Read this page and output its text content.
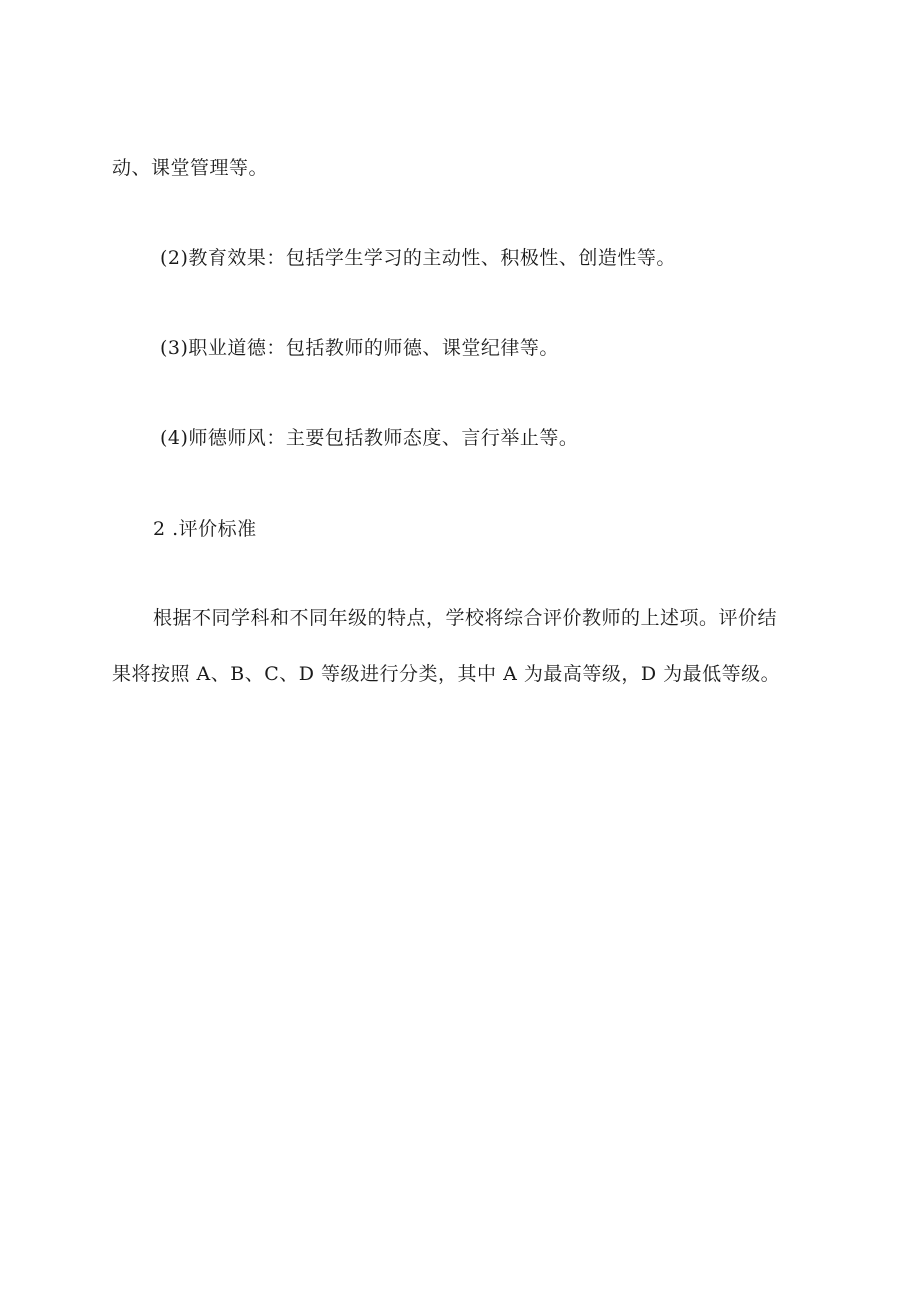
动、课堂管理等。
(2)教育效果：包括学生学习的主动性、积极性、创造性等。
(3)职业道德：包括教师的师德、课堂纪律等。
(4)师德师风：主要包括教师态度、言行举止等。
2 .评价标准
根据不同学科和不同年级的特点，学校将综合评价教师的上述项。评价结
果将按照 A、B、C、D 等级进行分类，其中 A 为最高等级，D 为最低等级。
